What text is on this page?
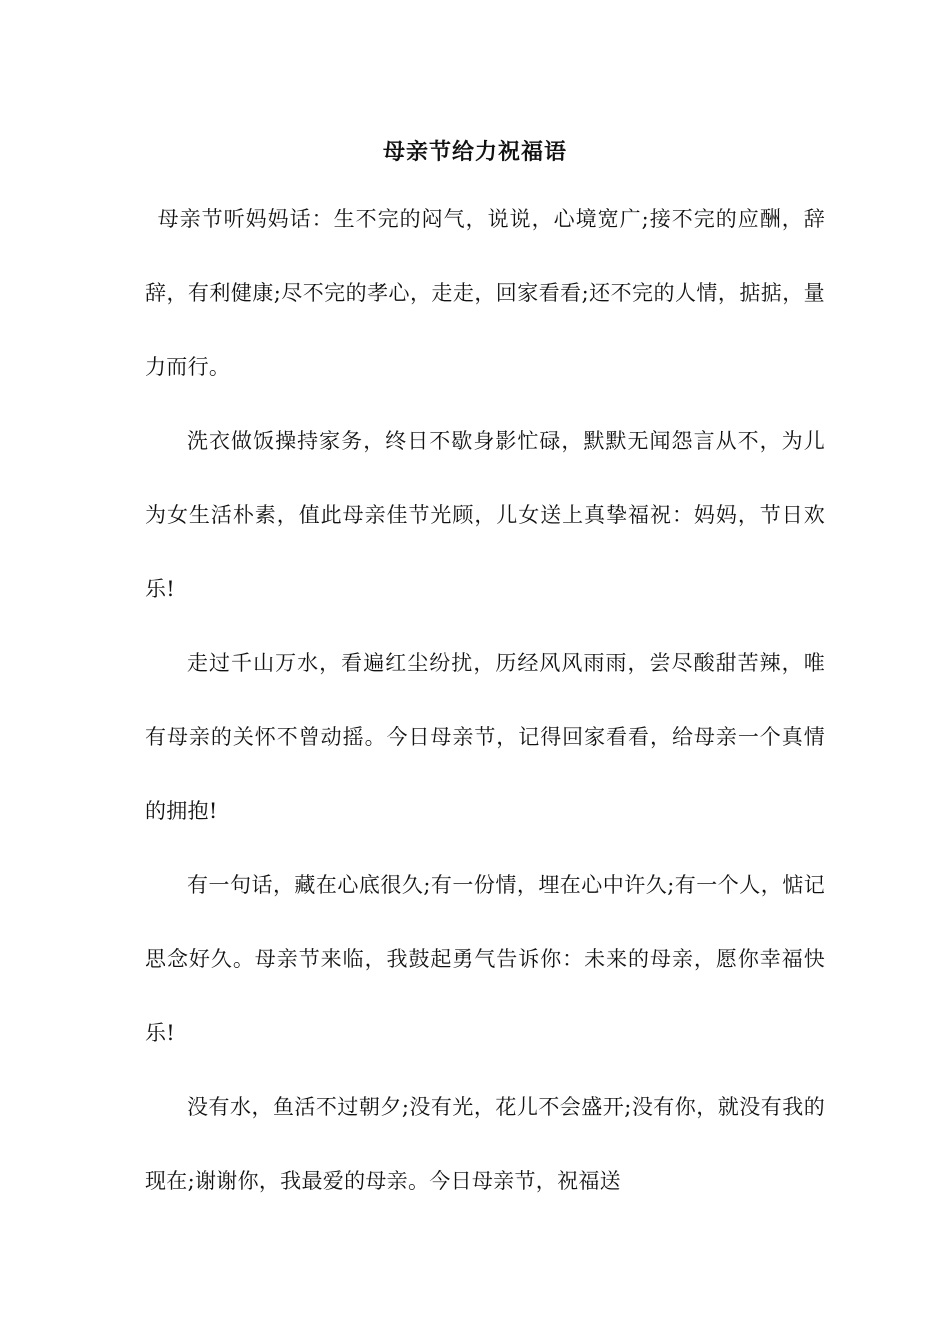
母亲节给力祝福语

母亲节听妈妈话：生不完的闷气，说说，心境宽广;接不完的应酬，辞辞，有利健康;尽不完的孝心，走走，回家看看;还不完的人情，掂掂，量力而行。

洗衣做饭操持家务，终日不歇身影忙碌，默默无闻怨言从不，为儿为女生活朴素，值此母亲佳节光顾，儿女送上真挚福祝：妈妈，节日欢乐!

走过千山万水，看遍红尘纷扰，历经风风雨雨，尝尽酸甜苦辣，唯有母亲的关怀不曾动摇。今日母亲节，记得回家看看，给母亲一个真情的拥抱!

有一句话，藏在心底很久;有一份情，埋在心中许久;有一个人，惦记思念好久。母亲节来临，我鼓起勇气告诉你：未来的母亲，愿你幸福快乐!

没有水，鱼活不过朝夕;没有光，花儿不会盛开;没有你，就没有我的现在;谢谢你，我最爱的母亲。今日母亲节，祝福送
